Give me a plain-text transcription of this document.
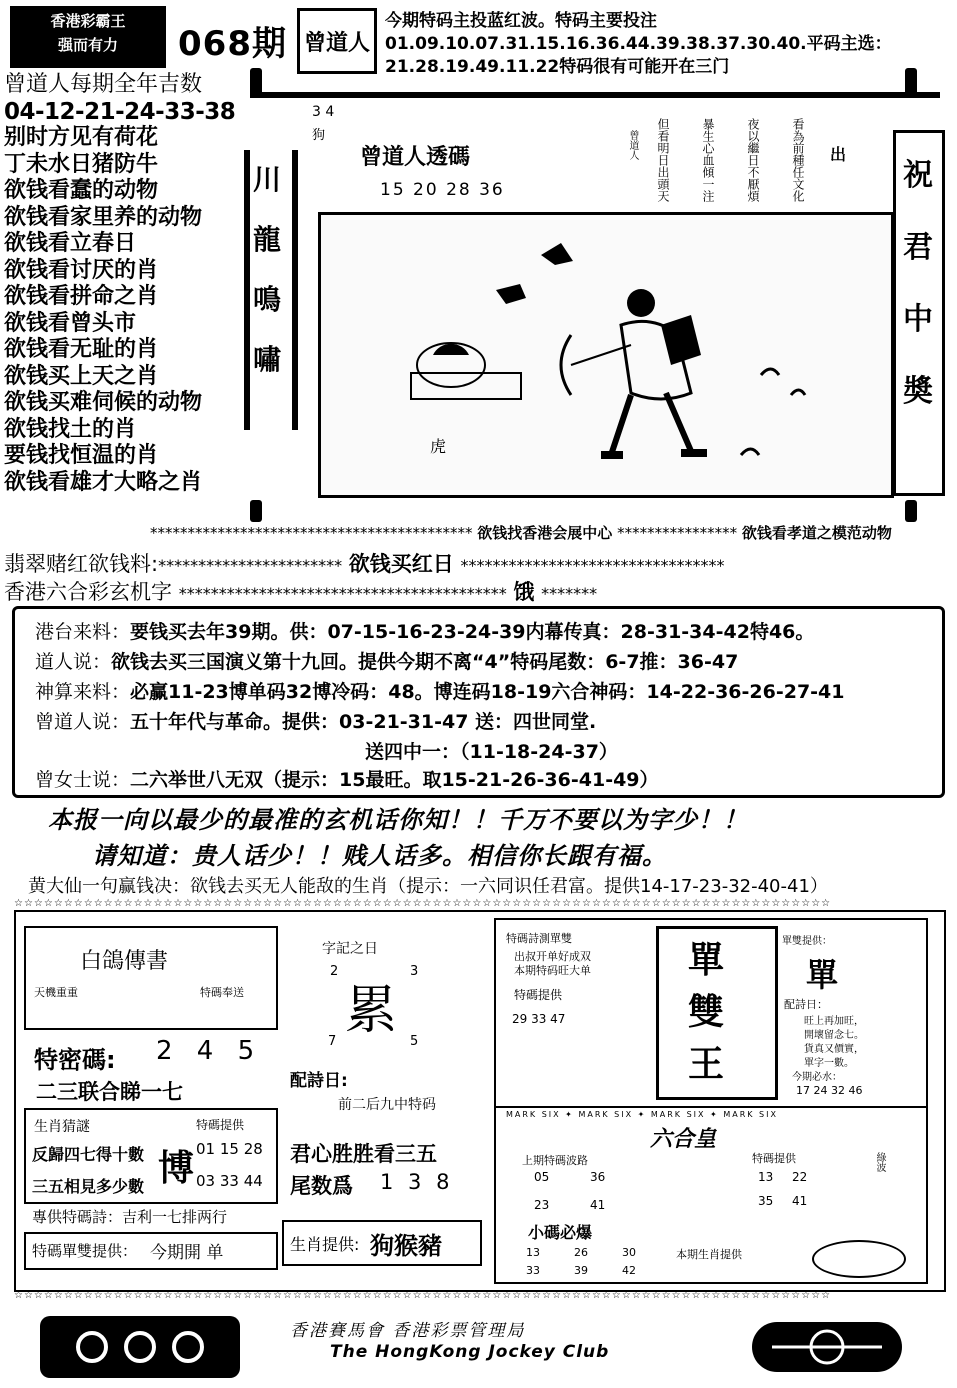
香港彩霸王
强而有力	068期 曾道人
今期特码主投蓝红波。特码主要投注01.09.10.07.31.15.16.36.44.39.38.37.30.40.平码主选：21.28.19.49.11.22特码很有可能开在三门
曾道人每期全年吉数
04-12-21-24-33-38
别时方见有荷花
丁未水日猪防牛
欲钱看蠢的动物
欲钱看家里养的动物
欲钱看立春日
欲钱看讨厌的肖
欲钱看拼命之肖
欲钱看曾头市
欲钱看无耻的肖
欲钱买上天之肖
欲钱买难伺候的动物
欲钱找土的肖
要钱找恒温的肖
欲钱看雄才大略之肖
川
龍
鳴
嘯
祝
君
中
奬
3 4
狗
曾道人透碼
15 20 28 36
出
看為前種任文化
夜以繼日不厭煩
暴生心血傾一注
但看明日出頭天
曾道人
虎
******************************************* 欲钱找香港会展中心 **************** 欲钱看孝道之模范动物
翡翠赌红欲钱料:*********************** 欲钱买红日 *********************************
香港六合彩玄机字 ***************************************** 饿 *******
港台来料：要钱买去年39期。供：07-15-16-23-24-39内幕传真：28-31-34-42特46。
道人说：欲钱去买三国演义第十九回。提供今期不离“4”特码尾数：6-7推：36-47
神算来料：必赢11-23博单码32博冷码：48。博连码18-19六合神码：14-22-36-26-27-41
曾道人说：五十年代与革命。提供：03-21-31-47 送：四世同堂.
送四中一：（11-18-24-37）
曾女士说：二六举世八无双（提示：15最旺。取15-21-26-36-41-49）
本报一向以最少的最准的玄机话你知！！千万不要以为字少！！
请知道：贵人话少！！贱人话多。相信你长跟有福。
黄大仙一句赢钱决：欲钱去买无人能敌的生肖（提示：一六同识任君富。提供14-17-23-32-40-41）
☆☆☆☆☆☆☆☆☆☆☆☆☆☆☆☆☆☆☆☆☆☆☆☆☆☆☆☆☆☆☆☆☆☆☆☆☆☆☆☆☆☆☆☆☆☆☆☆☆☆☆☆☆☆☆☆☆☆☆☆☆☆☆☆☆☆☆☆☆☆☆☆☆☆☆☆☆☆☆☆☆☆
☆☆☆☆☆☆☆☆☆☆☆☆☆☆☆☆☆☆☆☆☆☆☆☆☆☆☆☆☆☆☆☆☆☆☆☆☆☆☆☆☆☆☆☆☆☆☆☆☆☆☆☆☆☆☆☆☆☆☆☆☆☆☆☆☆☆☆☆☆☆☆☆☆☆☆☆☆☆☆☆☆☆
白鴿傳書
天機重重	特碼奉送
特密碼: 2 4 5
二三联合睇一七
生肖猜謎
反歸四七得十數
三五相見多少數 博
特碼提供
01 15 28
03 33 44
專供特碼詩：吉利一七排两行
特碼單雙提供： 今期開 单
字記之日
2	3
累
7	5
配詩日:
前二后九中特码
君心胜胜看三五
尾数爲 1 3 8
生肖提供: 狗猴豬
特碼詩測單雙
出叔开单好成双
本期特码旺大单
特碼提供
29 33 47
單
雙
王
單雙提供：
單
配詩日：
旺上再加旺，
開壞留念七。
貨真又價實，
單字一數。
今期必水：
17 24 32 46
MARK SIX ✦ MARK SIX ✦ MARK SIX ✦ MARK SIX
六合皇
上期特碼波路
05	36
23	41
特碼提供
13 22
35 41
綠波
小碼必爆
13	26	30
33	39	42
本期生肖提供
香港賽馬會 香港彩票管理局
The HongKong Jockey Club
